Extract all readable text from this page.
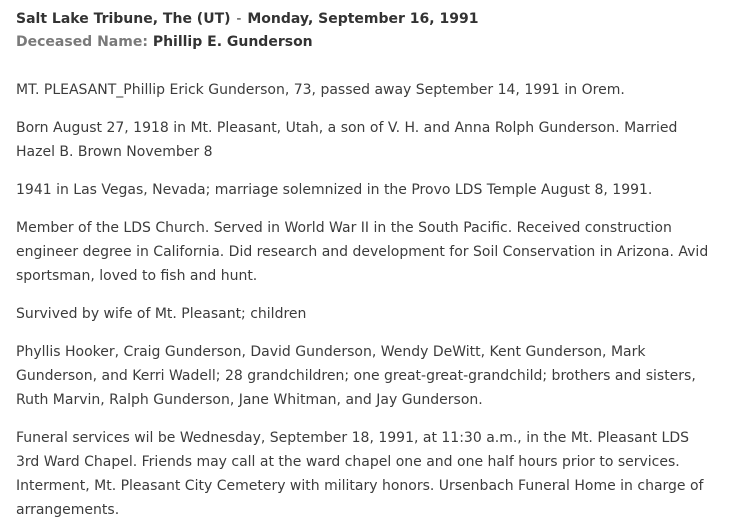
Salt Lake Tribune, The (UT) - Monday, September 16, 1991
Deceased Name: Phillip E. Gunderson

MT. PLEASANT_Phillip Erick Gunderson, 73, passed away September 14, 1991 in Orem.

Born August 27, 1918 in Mt. Pleasant, Utah, a son of V. H. and Anna Rolph Gunderson. Married Hazel B. Brown November 8

1941 in Las Vegas, Nevada; marriage solemnized in the Provo LDS Temple August 8, 1991.

Member of the LDS Church. Served in World War II in the South Pacific. Received construction engineer degree in California. Did research and development for Soil Conservation in Arizona. Avid sportsman, loved to fish and hunt.

Survived by wife of Mt. Pleasant; children

Phyllis Hooker, Craig Gunderson, David Gunderson, Wendy DeWitt, Kent Gunderson, Mark Gunderson, and Kerri Wadell; 28 grandchildren; one great-great-grandchild; brothers and sisters, Ruth Marvin, Ralph Gunderson, Jane Whitman, and Jay Gunderson.

Funeral services wil be Wednesday, September 18, 1991, at 11:30 a.m., in the Mt. Pleasant LDS 3rd Ward Chapel. Friends may call at the ward chapel one and one half hours prior to services. Interment, Mt. Pleasant City Cemetery with military honors. Ursenbach Funeral Home in charge of arrangements.
